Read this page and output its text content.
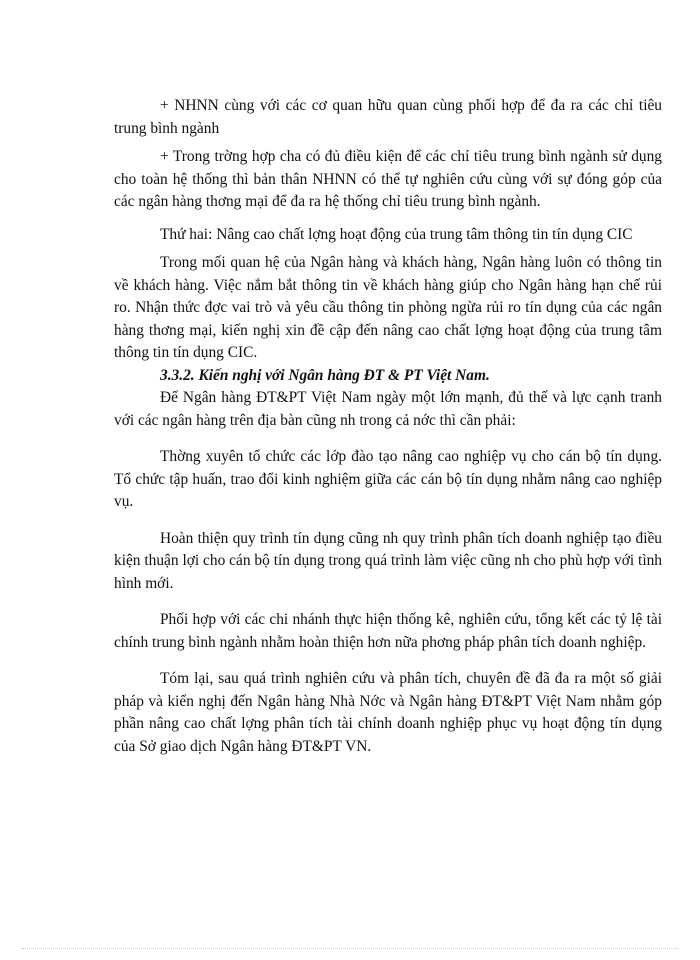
+ NHNN cùng với các cơ quan hữu quan cùng phối hợp để đa ra các chỉ tiêu trung bình ngành

+ Trong trờng hợp cha có đủ điều kiện để các chỉ tiêu trung bình ngành sử dụng cho toàn hệ thống thì bản thân NHNN có thể tự nghiên cứu cùng với sự đóng góp của các ngân hàng thơng mại để đa ra hệ thống chỉ tiêu trung bình ngành.

Thứ hai: Nâng cao chất lợng hoạt động của trung tâm thông tin tín dụng CIC

Trong mối quan hệ của Ngân hàng và khách hàng, Ngân hàng luôn có thông tin về khách hàng. Việc nắm bắt thông tin về khách hàng giúp cho Ngân hàng hạn chế rủi ro. Nhận thức đợc vai trò và yêu cầu thông tin phòng ngừa rủi ro tín dụng của các ngân hàng thơng mại, kiến nghị xin đề cập đến nâng cao chất lợng hoạt động của trung tâm thông tin tín dụng CIC.

3.3.2. Kiến nghị với Ngân hàng ĐT & PT Việt Nam.

Để Ngân hàng ĐT&PT Việt Nam ngày một lớn mạnh, đủ thế và lực cạnh tranh với các ngân hàng trên địa bàn cũng nh trong cả nớc thì cần phải:

Thờng xuyên tổ chức các lớp đào tạo nâng cao nghiệp vụ cho cán bộ tín dụng. Tổ chức tập huấn, trao đổi kinh nghiệm giữa các cán bộ tín dụng nhằm nâng cao nghiệp vụ.

Hoàn thiện quy trình tín dụng cũng nh quy trình phân tích doanh nghiệp tạo điều kiện thuận lợi cho cán bộ tín dụng trong quá trình làm việc cũng nh cho phù hợp với tình hình mới.

Phối hợp với các chi nhánh thực hiện thống kê, nghiên cứu, tổng kết các tỷ lệ tài chính trung bình ngành nhằm hoàn thiện hơn nữa phơng pháp phân tích doanh nghiệp.

Tóm lại, sau quá trình nghiên cứu và phân tích, chuyên đề đã đa ra một số giải pháp và kiến nghị đến Ngân hàng Nhà Nớc và Ngân hàng ĐT&PT Việt Nam nhằm góp phần nâng cao chất lợng phân tích tài chính doanh nghiệp phục vụ hoạt động tín dụng của Sở giao dịch Ngân hàng ĐT&PT VN.
